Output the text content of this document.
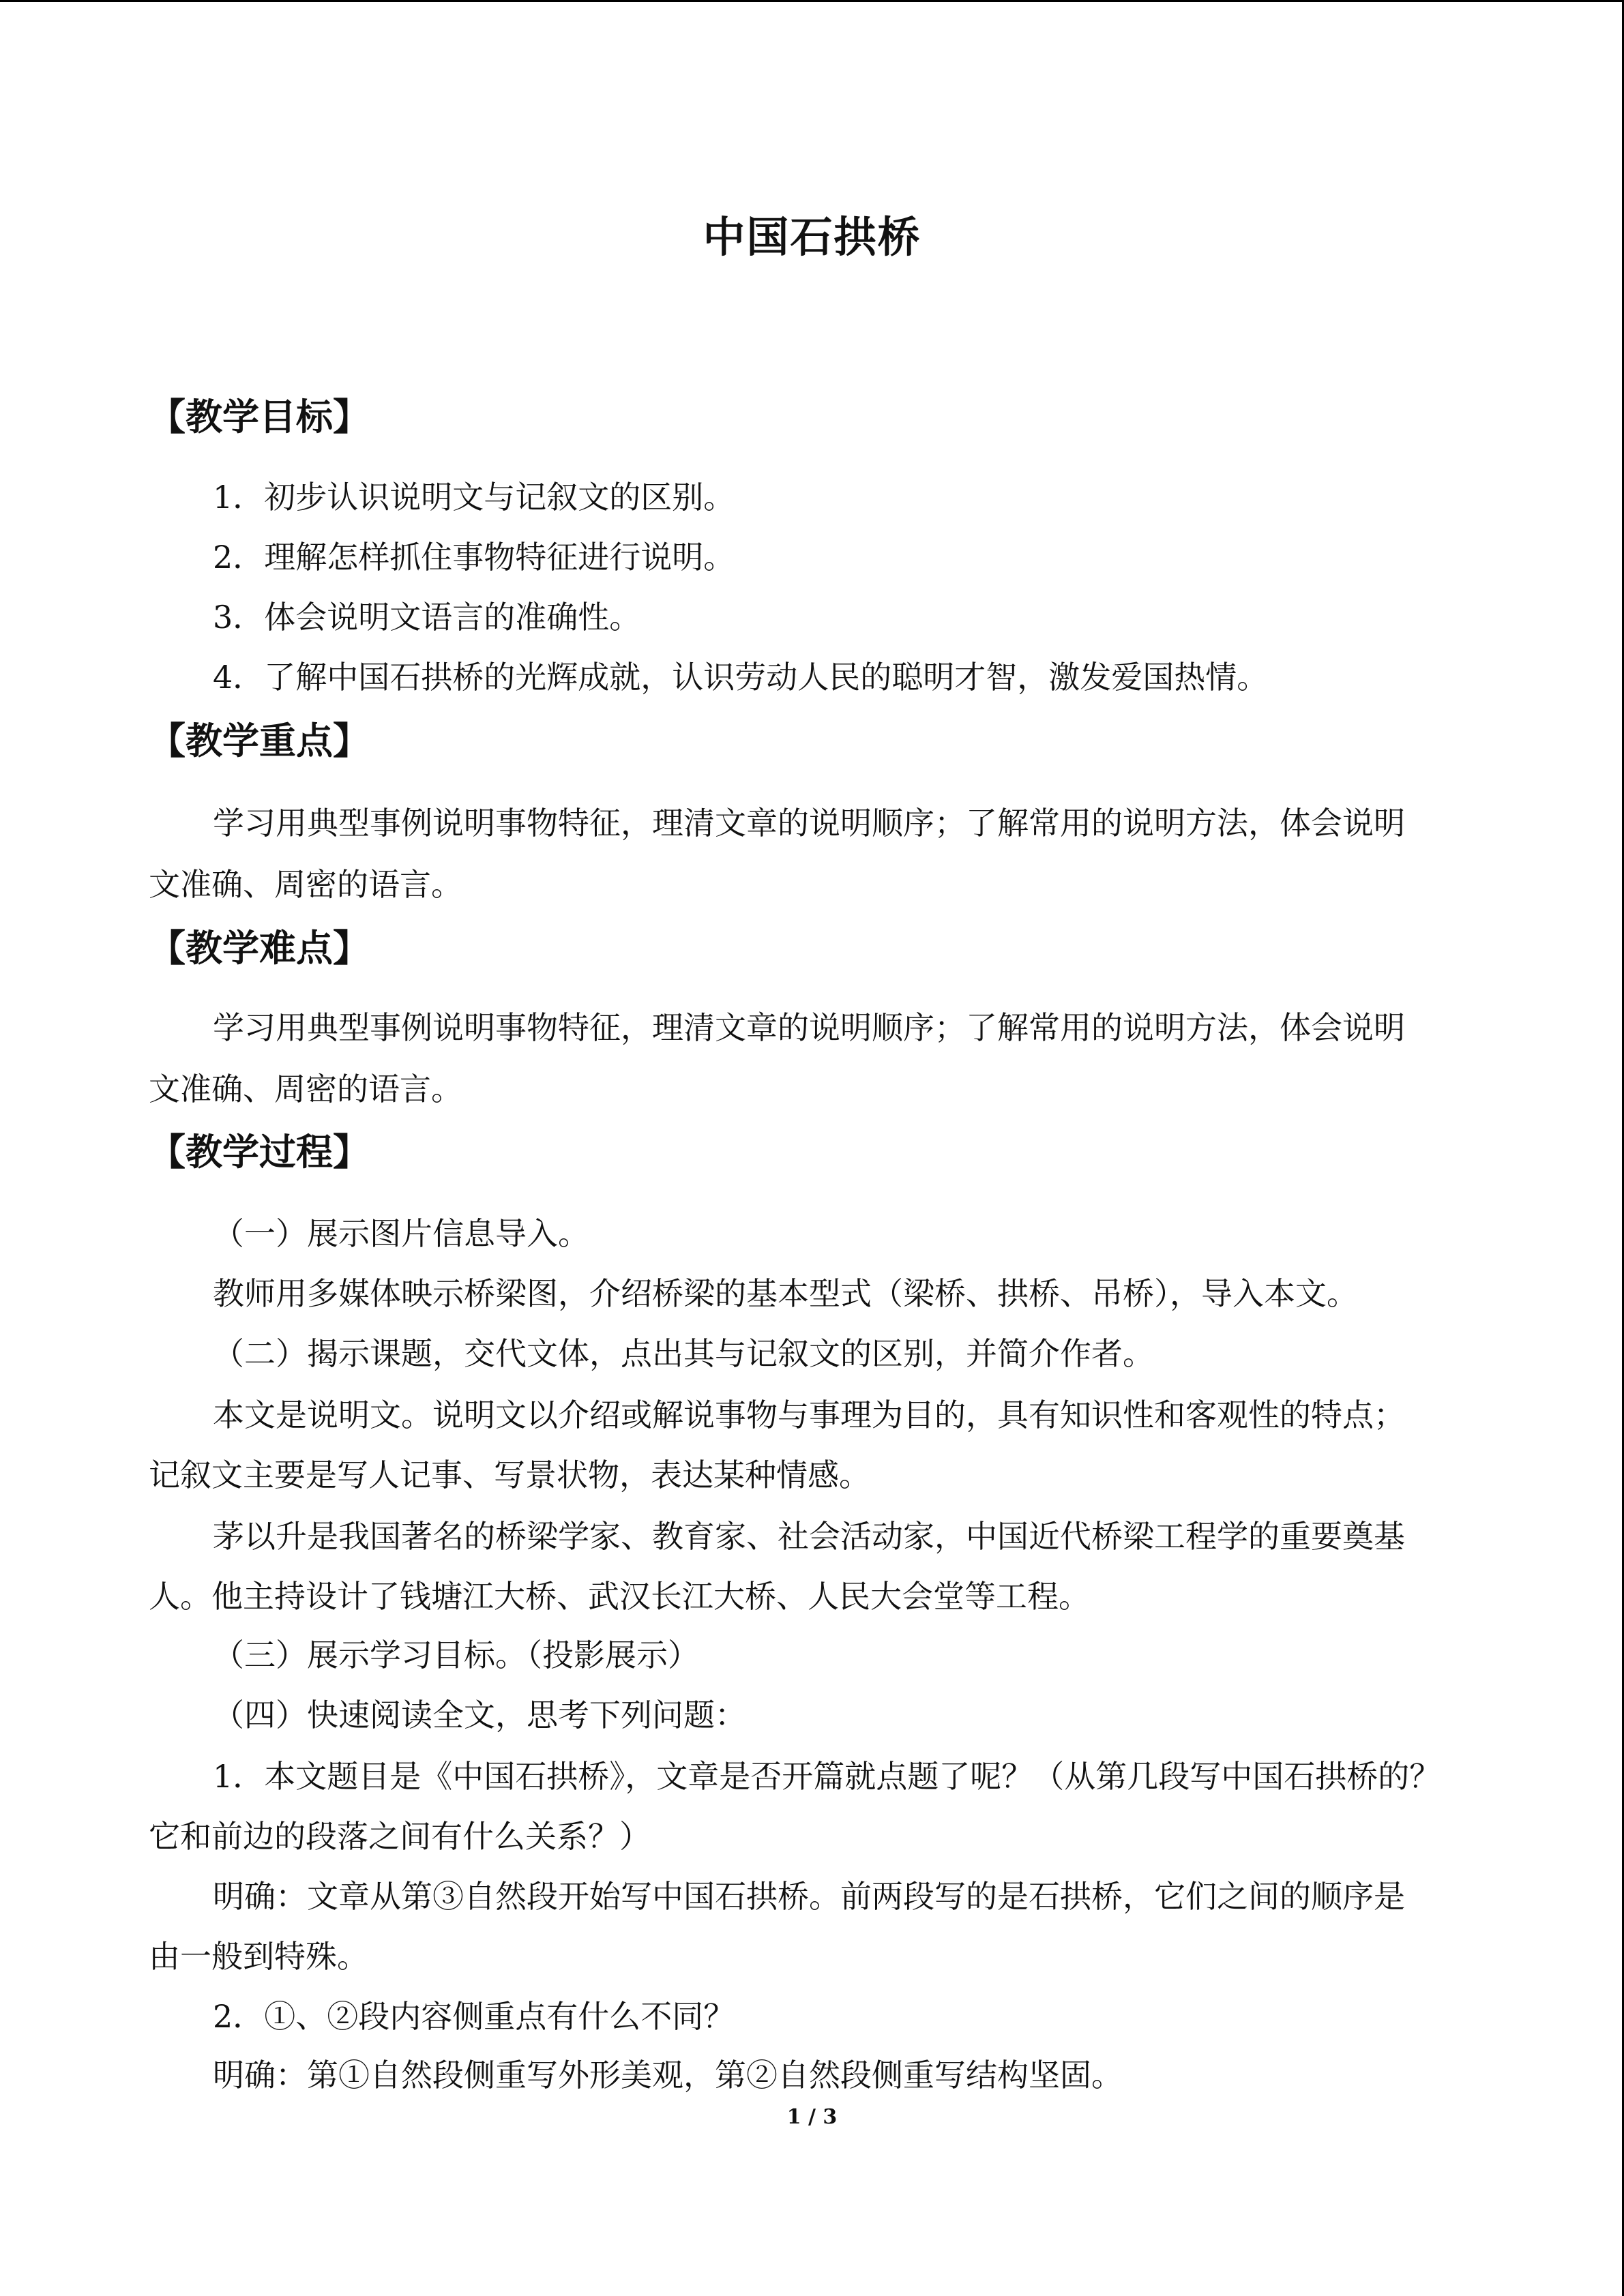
中国石拱桥
【教学目标】
1．初步认识说明文与记叙文的区别。
2．理解怎样抓住事物特征进行说明。
3．体会说明文语言的准确性。
4．了解中国石拱桥的光辉成就，认识劳动人民的聪明才智，激发爱国热情。
【教学重点】
学习用典型事例说明事物特征，理清文章的说明顺序；了解常用的说明方法，体会说明
文准确、周密的语言。
【教学难点】
学习用典型事例说明事物特征，理清文章的说明顺序；了解常用的说明方法，体会说明
文准确、周密的语言。
【教学过程】
（一）展示图片信息导入。
教师用多媒体映示桥梁图，介绍桥梁的基本型式（梁桥、拱桥、吊桥），导入本文。
（二）揭示课题，交代文体，点出其与记叙文的区别，并简介作者。
本文是说明文。说明文以介绍或解说事物与事理为目的，具有知识性和客观性的特点；
记叙文主要是写人记事、写景状物，表达某种情感。
茅以升是我国著名的桥梁学家、教育家、社会活动家，中国近代桥梁工程学的重要奠基
人。他主持设计了钱塘江大桥、武汉长江大桥、人民大会堂等工程。
（三）展示学习目标。（投影展示）
（四）快速阅读全文，思考下列问题：
1．本文题目是《中国石拱桥》，文章是否开篇就点题了呢？（从第几段写中国石拱桥的？
它和前边的段落之间有什么关系？）
明确：文章从第③自然段开始写中国石拱桥。前两段写的是石拱桥，它们之间的顺序是
由一般到特殊。
2．①、②段内容侧重点有什么不同？
明确：第①自然段侧重写外形美观，第②自然段侧重写结构坚固。
1 / 3
